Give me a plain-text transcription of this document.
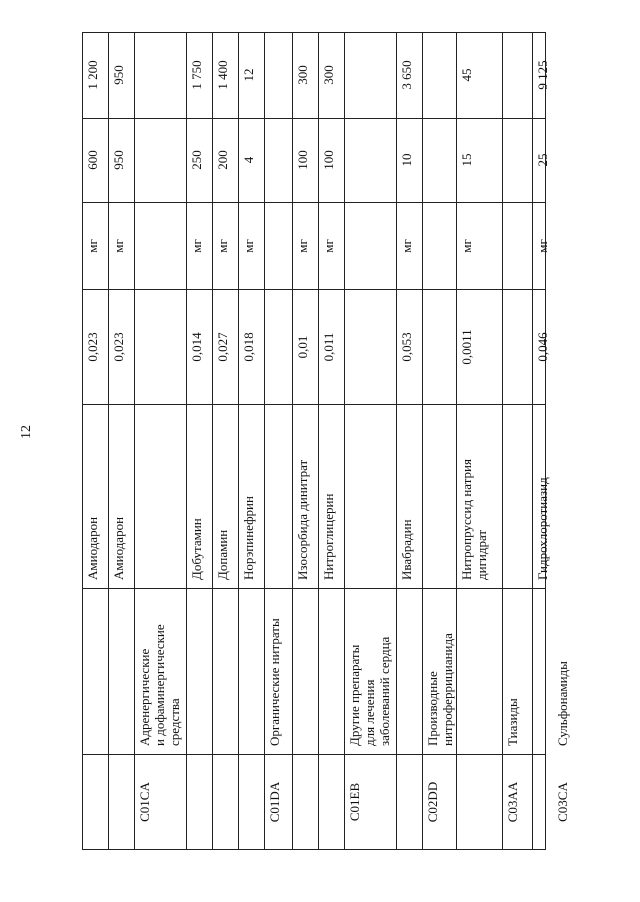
12
Амиодарон
0,023
мг
600
1 200
Амиодарон
0,023
мг
950
950
C01CA
Адренергические
и дофаминергические
средства
Добутамин
0,014
мг
250
1 750
Допамин
0,027
мг
200
1 400
Норэпинефрин
0,018
мг
4
12
C01DA
Органические нитраты
Изосорбида динитрат
0,01
мг
100
300
Нитроглицерин
0,011
мг
100
300
C01EB
Другие препараты
для лечения
заболеваний сердца
Ивабрадин
0,053
мг
10
3 650
C02DD
Производные
нитроферрицианида
Нитропруссид натрия
дигидрат
0,0011
мг
15
45
C03AA
Тиазиды
Гидрохлоротиазид
0,046
мг
25
9 125
C03CA
Сульфонамиды
